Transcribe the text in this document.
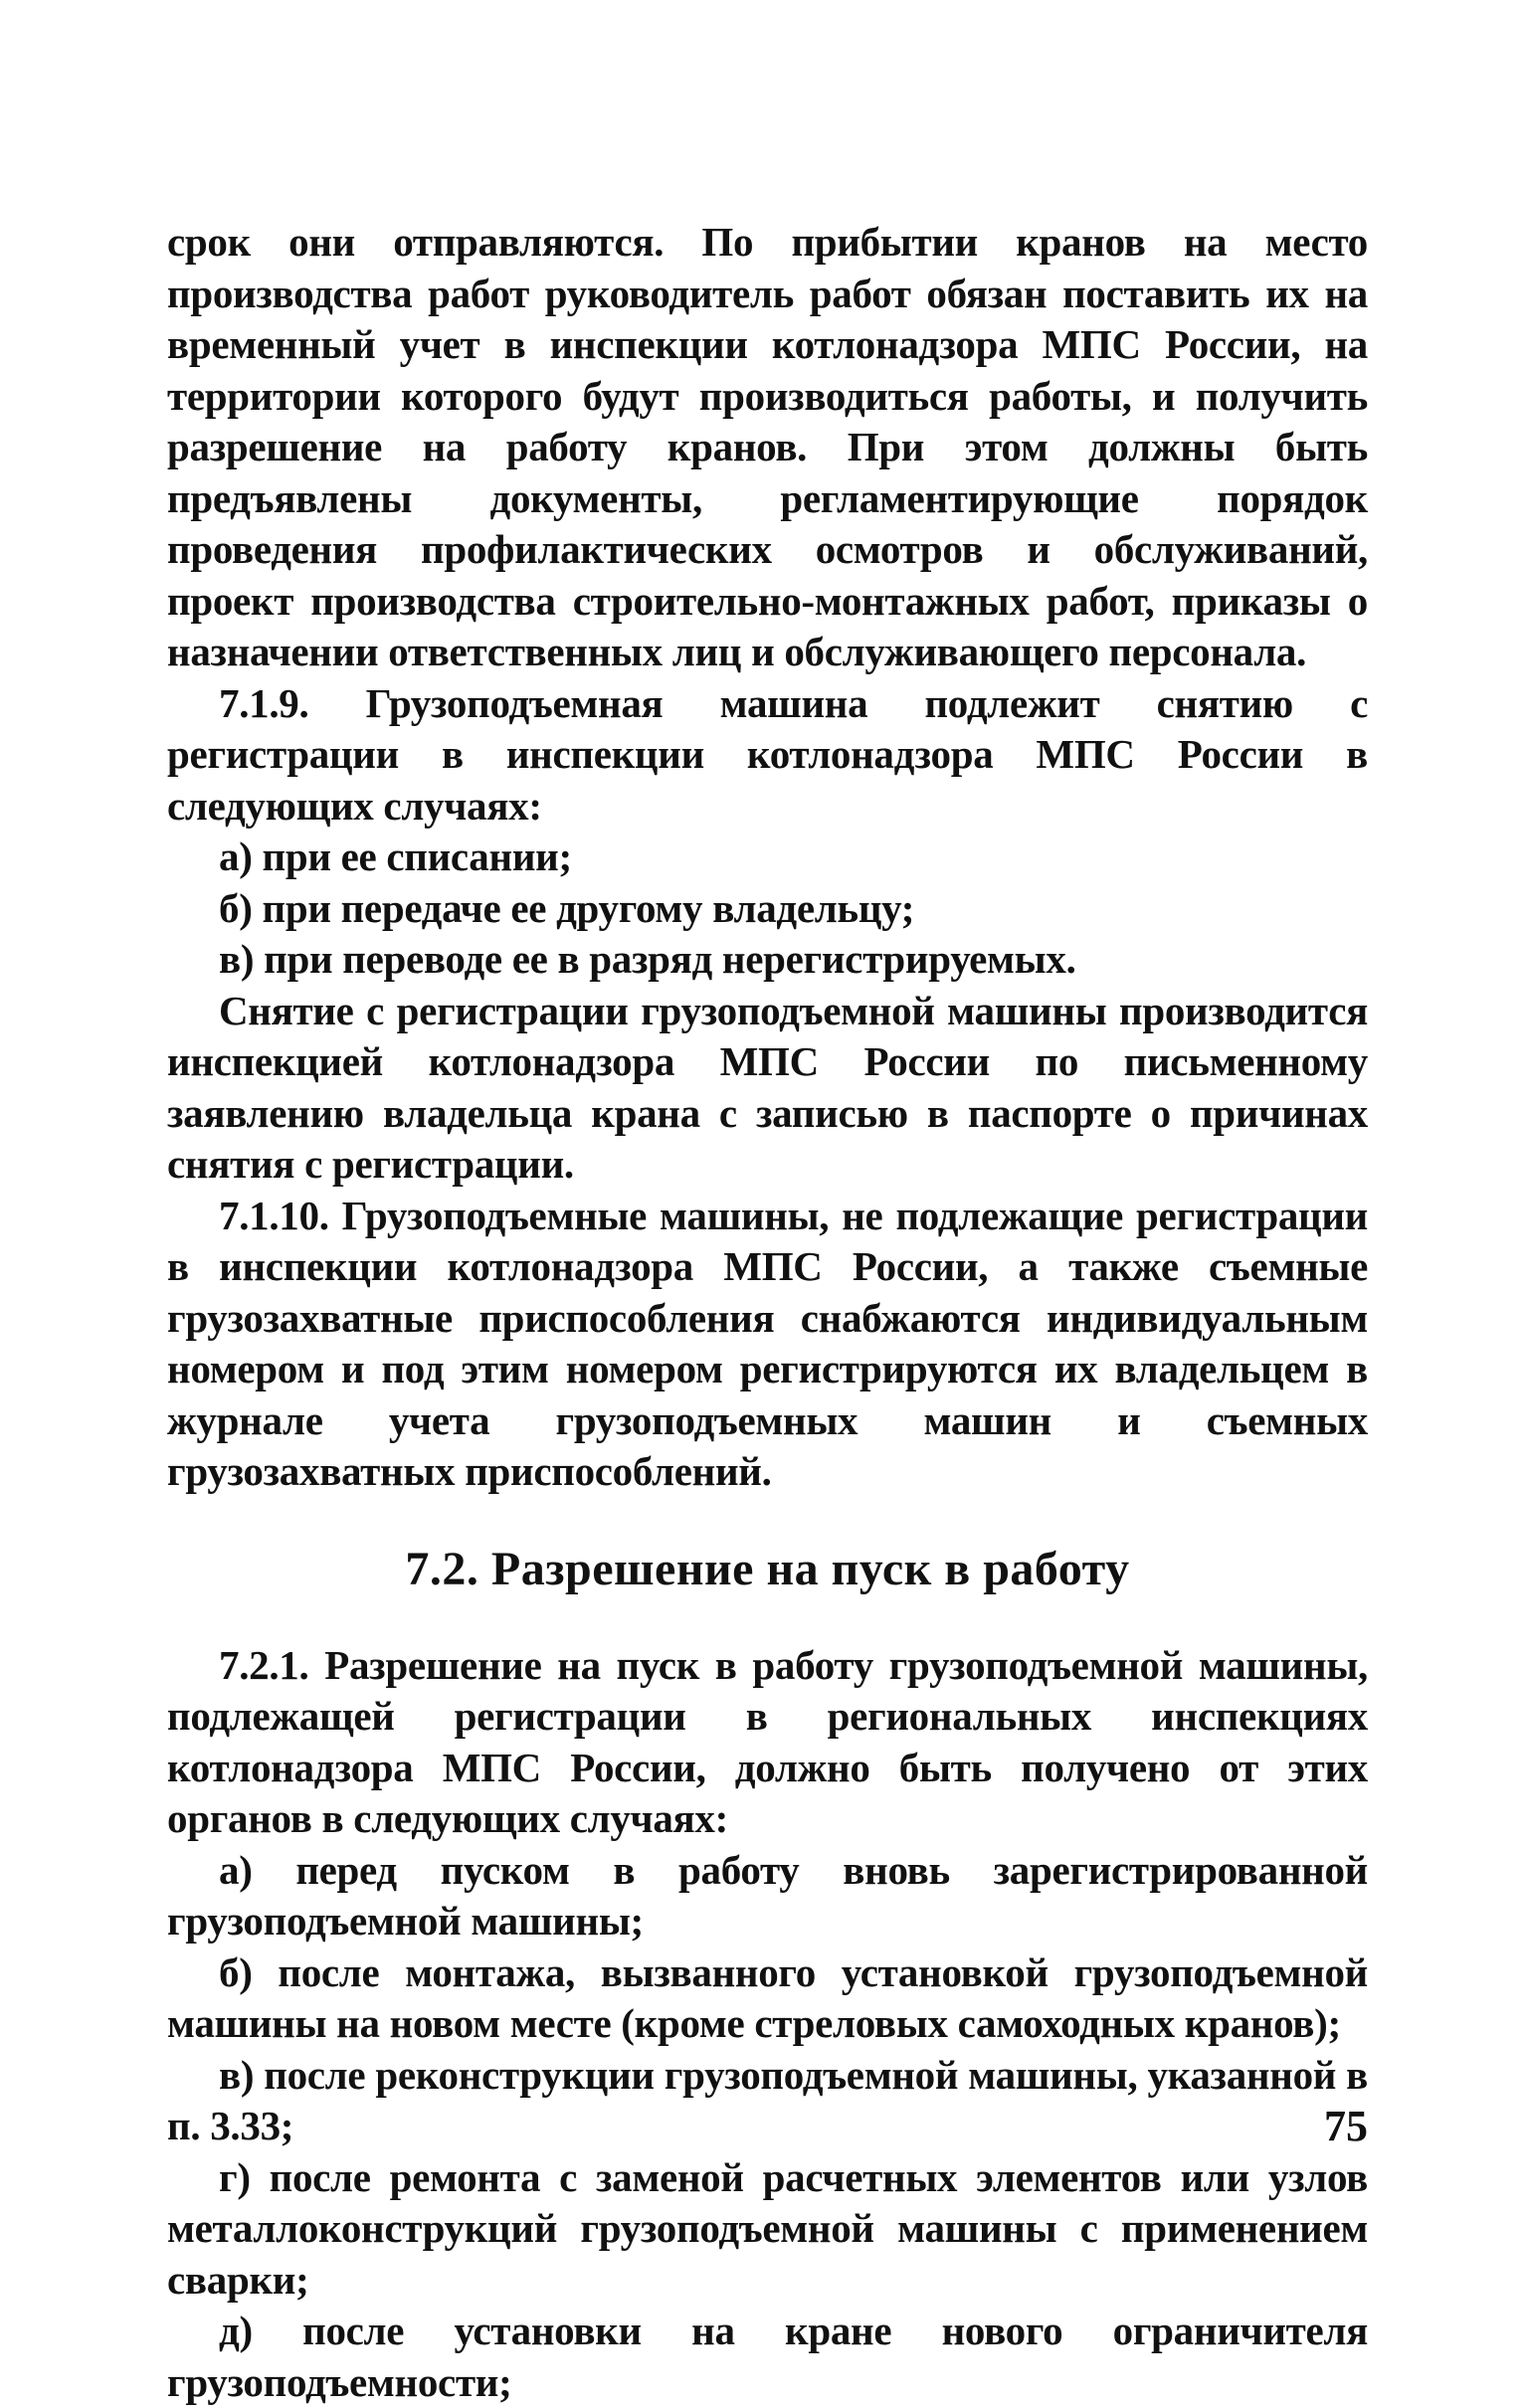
срок они отправляются. По прибытии кранов на место производства работ руководитель работ обязан поставить их на временный учет в инспекции котлонадзора МПС России, на территории которого будут производиться работы, и получить разрешение на работу кранов. При этом должны быть предъявлены документы, регламентирующие порядок проведения профилактических осмотров и обслуживаний, проект производства строительно-монтажных работ, приказы о назначении ответственных лиц и обслуживающего персонала.

7.1.9. Грузоподъемная машина подлежит снятию с регистрации в инспекции котлонадзора МПС России в следующих случаях:

а) при ее списании;

б) при передаче ее другому владельцу;

в) при переводе ее в разряд нерегистрируемых.

Снятие с регистрации грузоподъемной машины производится инспекцией котлонадзора МПС России по письменному заявлению владельца крана с записью в паспорте о причинах снятия с регистрации.

7.1.10. Грузоподъемные машины, не подлежащие регистрации в инспекции котлонадзора МПС России, а также съемные грузозахватные приспособления снабжаются индивидуальным номером и под этим номером регистрируются их владельцем в журнале учета грузоподъемных машин и съемных грузозахватных приспособлений.

7.2. Разрешение на пуск в работу

7.2.1. Разрешение на пуск в работу грузоподъемной машины, подлежащей регистрации в региональных инспекциях котлонадзора МПС России, должно быть получено от этих органов в следующих случаях:

а) перед пуском в работу вновь зарегистрированной грузоподъемной машины;

б) после монтажа, вызванного установкой грузоподъемной машины на новом месте (кроме стреловых самоходных кранов);

в) после реконструкции грузоподъемной машины, указанной в п. 3.33;

г) после ремонта с заменой расчетных элементов или узлов металлоконструкций грузоподъемной машины с применением сварки;

д) после установки на кране нового ограничителя грузоподъемности;

75
